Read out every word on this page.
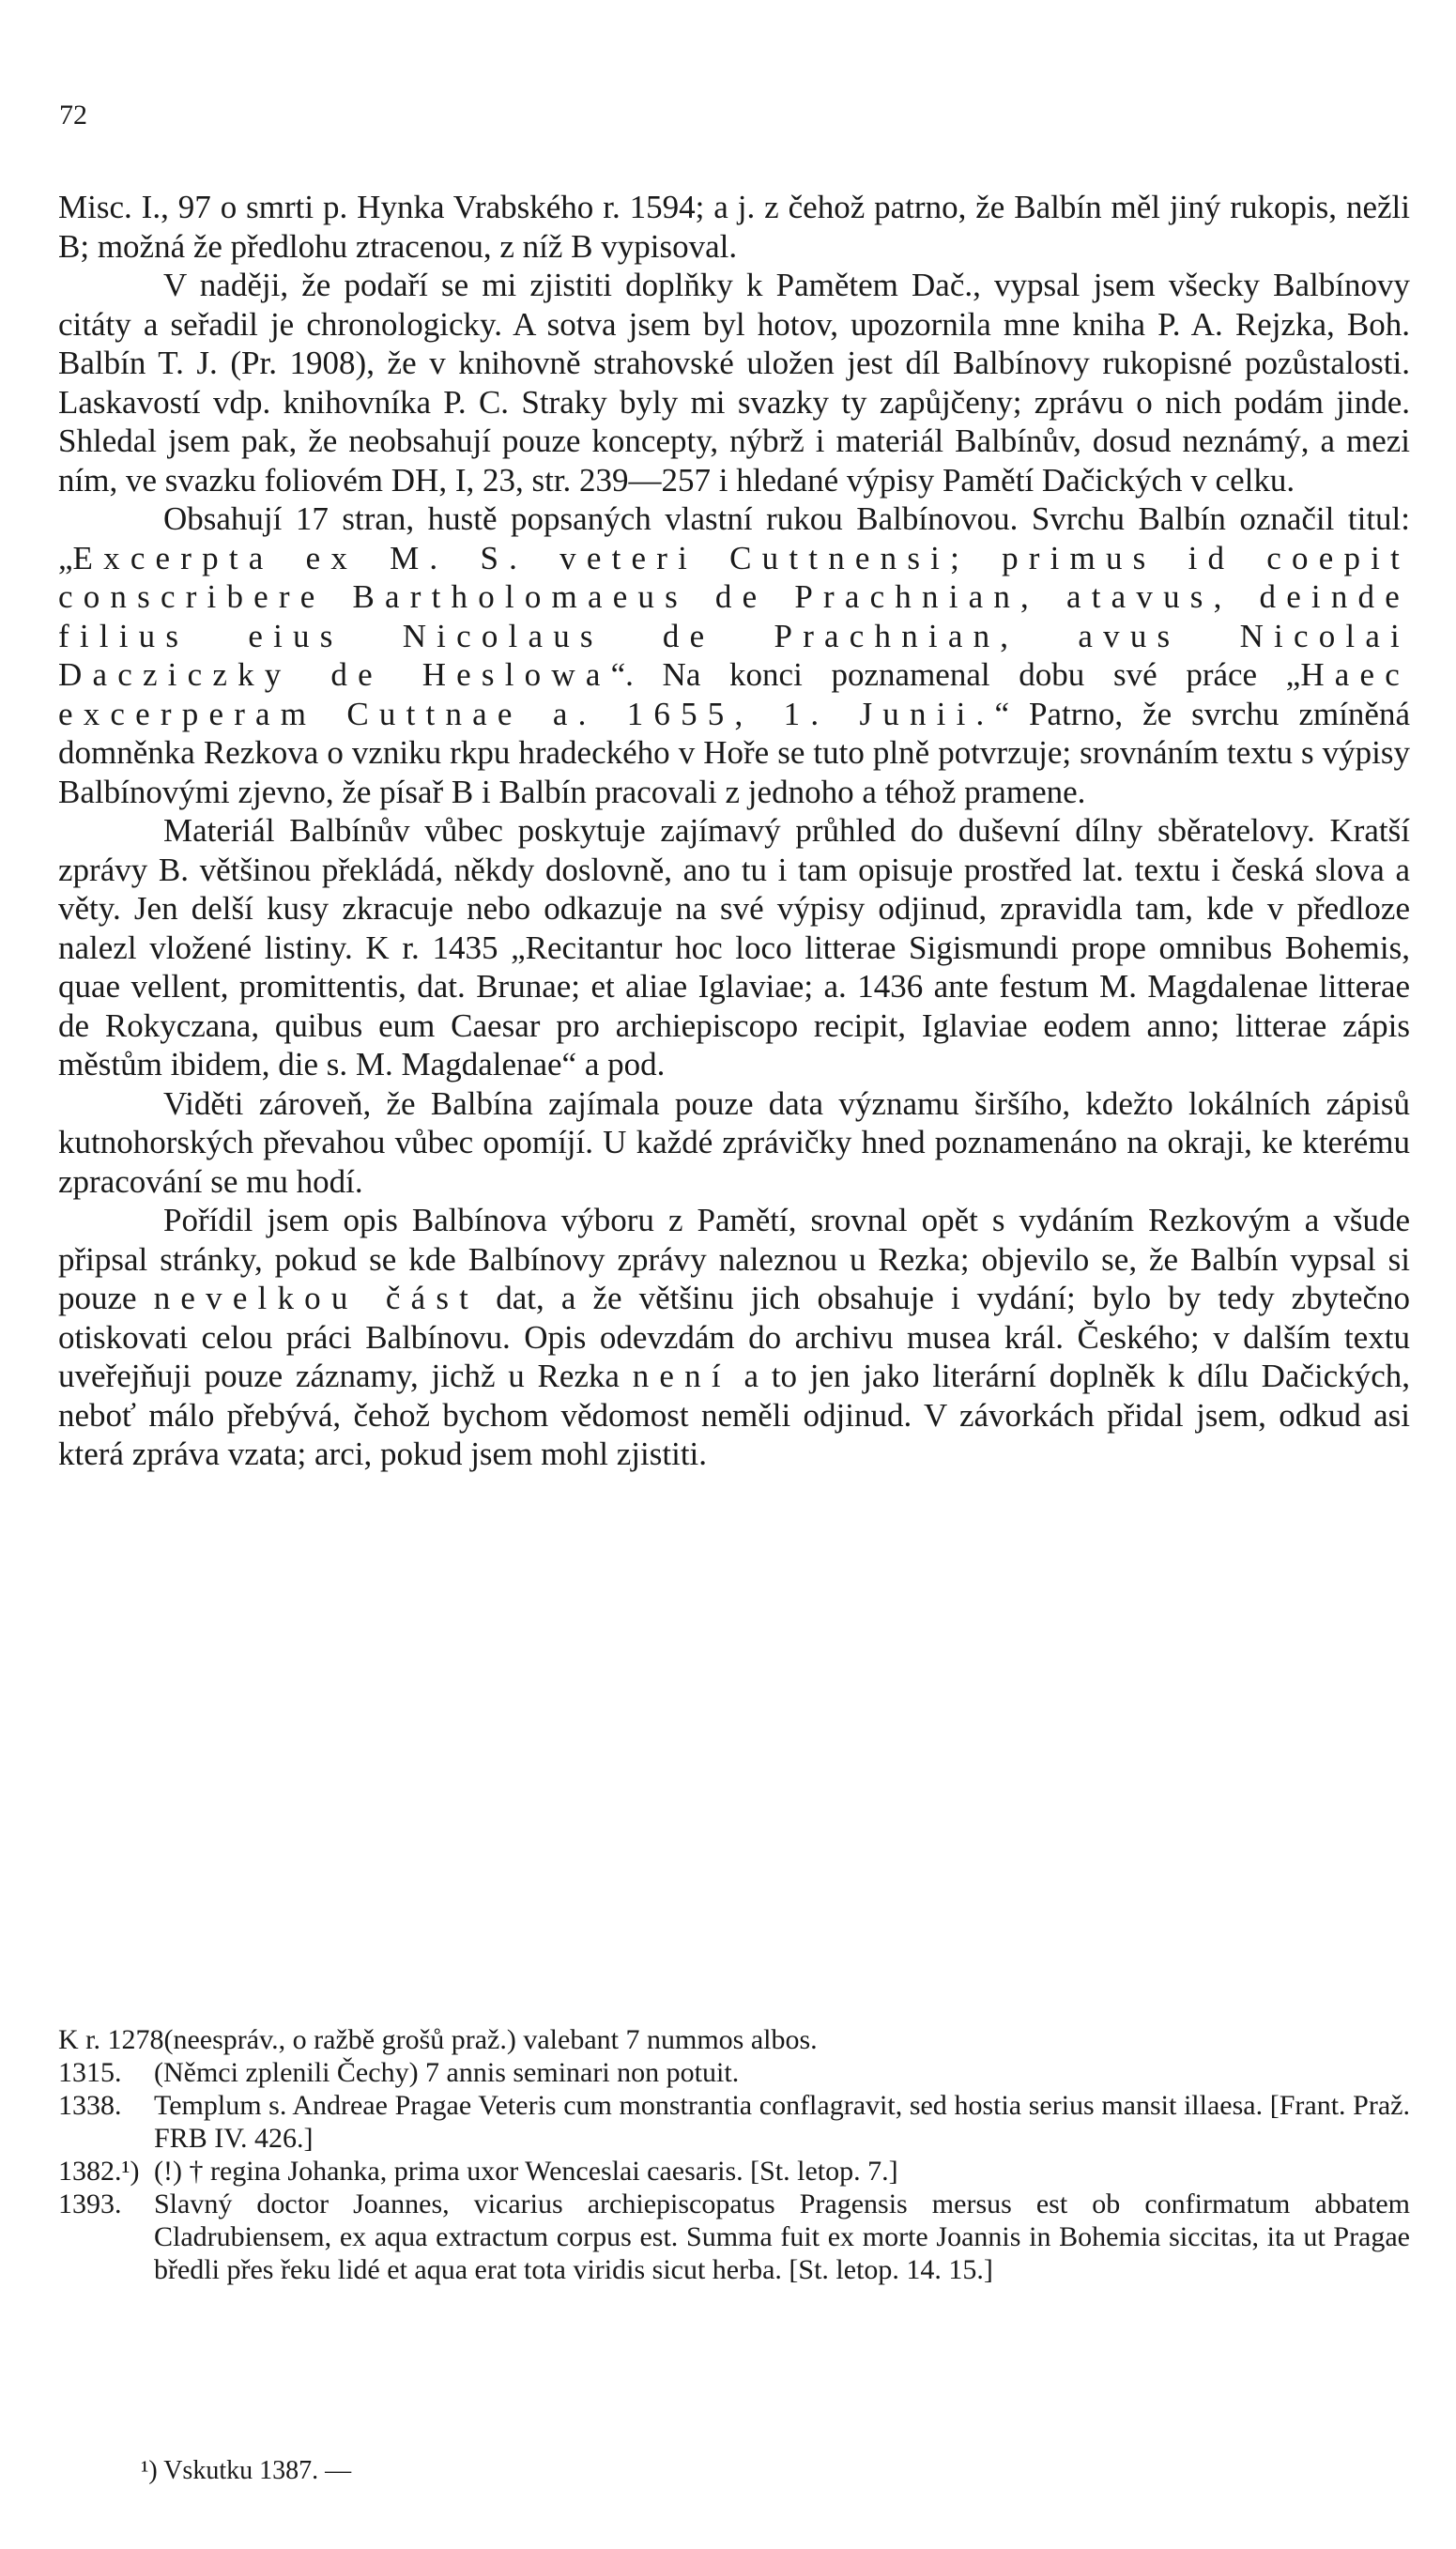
72

Misc. I., 97 o smrti p. Hynka Vrabského r. 1594; a j. z čehož patrno, že Balbín měl jiný rukopis, nežli B; možná že předlohu ztracenou, z níž B vypisoval.

V naději, že podaří se mi zjistiti doplňky k Pamětem Dač., vypsal jsem všecky Balbínovy citáty a seřadil je chronologicky. A sotva jsem byl hotov, upozornila mne kniha P. A. Rejzka, Boh. Balbín T. J. (Pr. 1908), že v knihovně strahovské uložen jest díl Balbínovy rukopisné pozůstalosti. Laskavostí vdp. knihovníka P. C. Straky byly mi svazky ty zapůjčeny; zprávu o nich podám jinde. Shledal jsem pak, že neobsahují pouze koncepty, nýbrž i materiál Balbínův, dosud neznámý, a mezi ním, ve svazku foliovém DH, I, 23, str. 239—257 i hledané výpisy Pamětí Dačických v celku.

Obsahují 17 stran, hustě popsaných vlastní rukou Balbínovou. Svrchu Balbín označil titul: „Excerpta ex M. S. veteri Cuttnensi; primus id coepit conscribere Bartholomaeus de Prachnian, atavus, deinde filius eius Nicolaus de Prachnian, avus Nicolai Dacziczky de Heslowa“. Na konci poznamenal dobu své práce „Haec excerperam Cuttnae a. 1655, 1. Junii.“ Patrno, že svrchu zmíněná domněnka Rezkova o vzniku rkpu hradeckého v Hoře se tuto plně potvrzuje; srovnáním textu s výpisy Balbínovými zjevno, že písař B i Balbín pracovali z jednoho a téhož pramene.

Materiál Balbínův vůbec poskytuje zajímavý průhled do duševní dílny sběratelovy. Kratší zprávy B. většinou překládá, někdy doslovně, ano tu i tam opisuje prostřed lat. textu i česká slova a věty. Jen delší kusy zkracuje nebo odkazuje na své výpisy odjinud, zpravidla tam, kde v předloze nalezl vložené listiny. K r. 1435 „Recitantur hoc loco litterae Sigismundi prope omnibus Bohemis, quae vellent, promittentis, dat. Brunae; et aliae Iglaviae; a. 1436 ante festum M. Magdalenae litterae de Rokyczana, quibus eum Caesar pro archiepiscopo recipit, Iglaviae eodem anno; litterae zápis městům ibidem, die s. M. Magdalenae“ a pod.

Viděti zároveň, že Balbína zajímala pouze data významu širšího, kdežto lokálních zápisů kutnohorských převahou vůbec opomíjí. U každé zprávičky hned poznamenáno na okraji, ke kterému zpracování se mu hodí.

Pořídil jsem opis Balbínova výboru z Pamětí, srovnal opět s vydáním Rezkovým a všude připsal stránky, pokud se kde Balbínovy zprávy naleznou u Rezka; objevilo se, že Balbín vypsal si pouze nevelkou část dat, a že většinu jich obsahuje i vydání; bylo by tedy zbytečno otiskovati celou práci Balbínovu. Opis odevzdám do archivu musea král. Českého; v dalším textu uveřejňuji pouze záznamy, jichž u Rezka není a to jen jako literární doplněk k dílu Dačických, neboť málo přebývá, čehož bychom vědomost neměli odjinud. V závorkách přidal jsem, odkud asi která zpráva vzata; arci, pokud jsem mohl zjistiti.

K r. 1278 (neespráv., o ražbě grošů praž.) valebant 7 nummos albos.
1315.	(Němci zplenili Čechy) 7 annis seminari non potuit.
1338.	Templum s. Andreae Pragae Veteris cum monstrantia conflagravit, sed hostia serius mansit illaesa. [Frant. Praž. FRB IV. 426.]
1382.¹) (!) † regina Johanka, prima uxor Wenceslai caesaris. [St. letop. 7.]
1393.	Slavný doctor Joannes, vicarius archiepiscopatus Pragensis mersus est ob confirmatum abbatem Cladrubiensem, ex aqua extractum corpus est. Summa fuit ex morte Joannis in Bohemia siccitas, ita ut Pragae bředli přes řeku lidé et aqua erat tota viridis sicut herba. [St. letop. 14. 15.]
¹) Vskutku 1387. —
